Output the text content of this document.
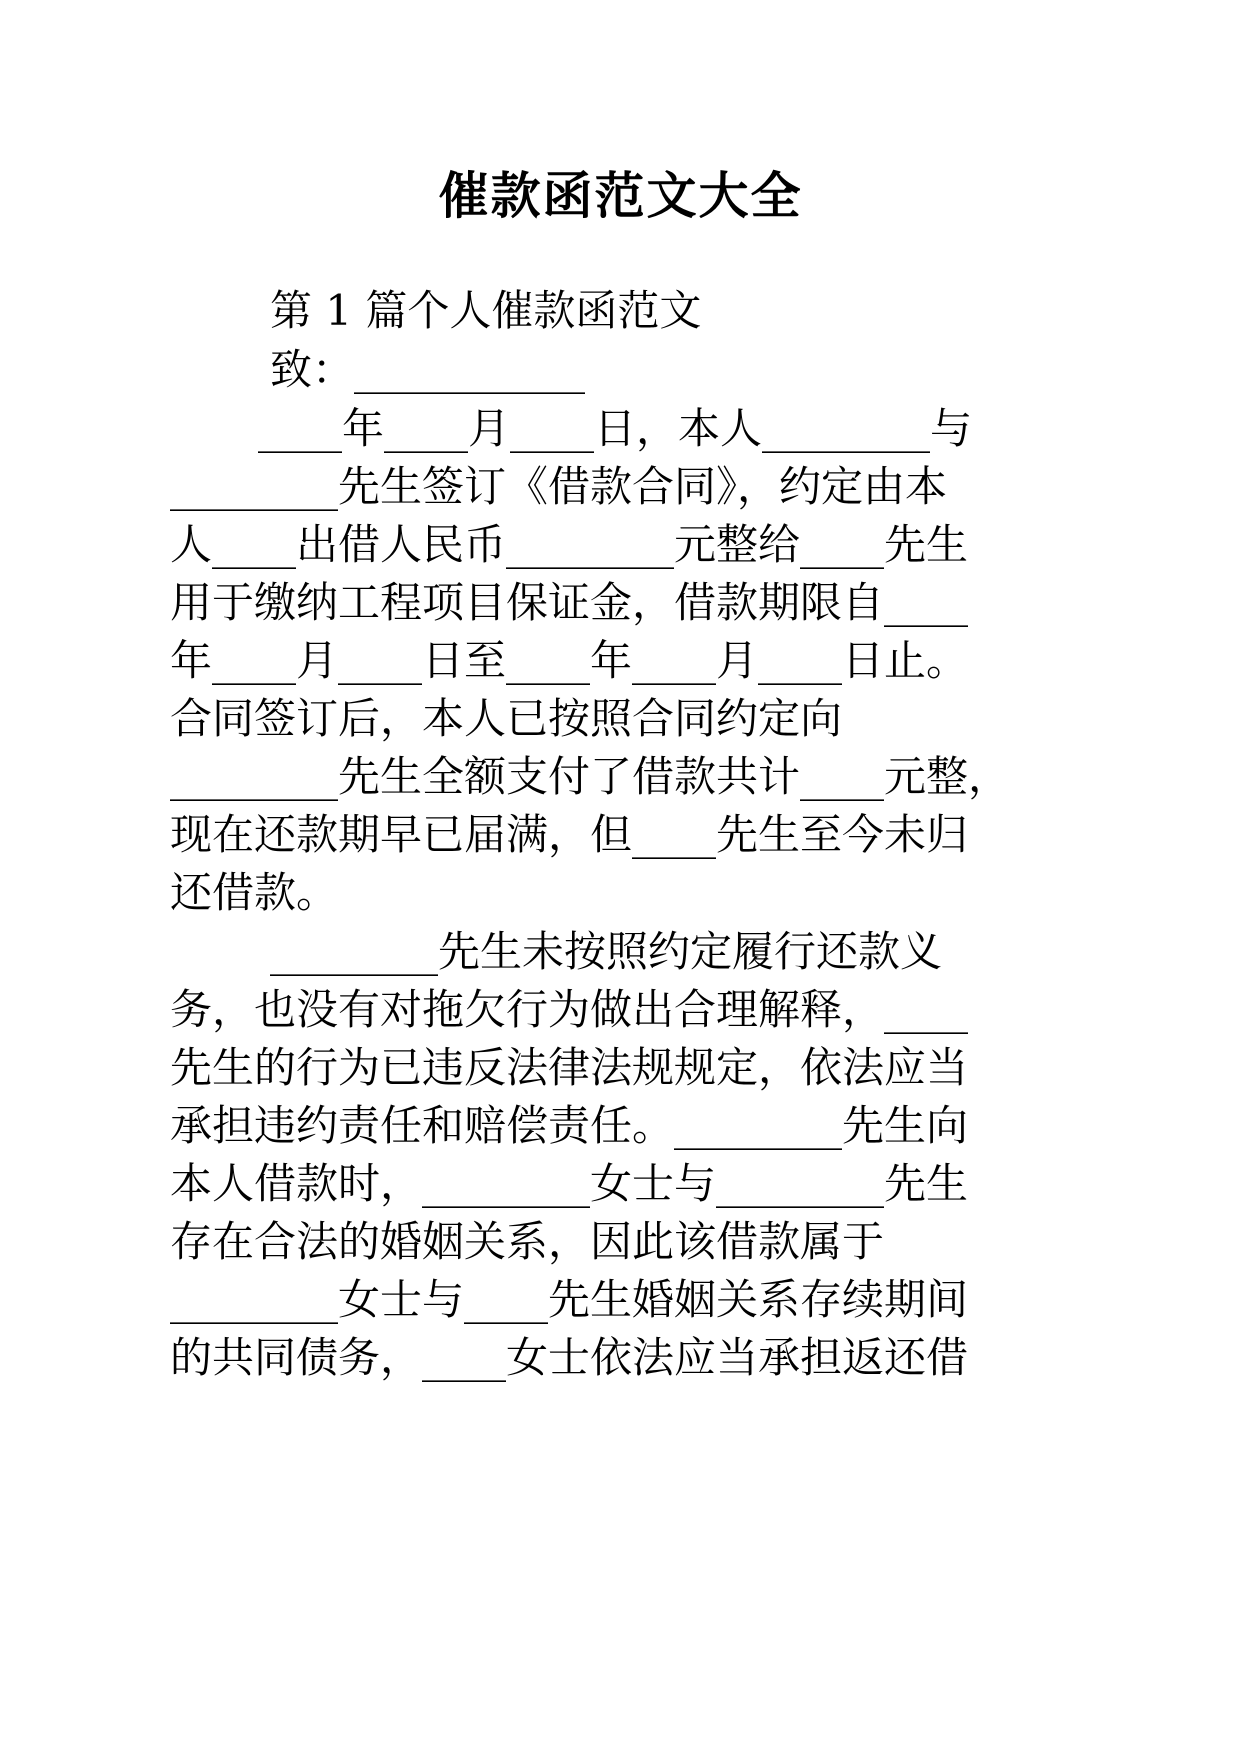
催款函范文大全

第 1 篇个人催款函范文

致：___________

____年____月____日，本人________与

________先生签订《借款合同》，约定由本

人____出借人民币________元整给____先生

用于缴纳工程项目保证金，借款期限自____

年____月____日至____年____月____日止。

合同签订后，本人已按照合同约定向

________先生全额支付了借款共计____元整，

现在还款期早已届满，但____先生至今未归

还借款。

________先生未按照约定履行还款义

务，也没有对拖欠行为做出合理解释，____

先生的行为已违反法律法规规定，依法应当

承担违约责任和赔偿责任。________先生向

本人借款时，________女士与________先生

存在合法的婚姻关系，因此该借款属于

________女士与____先生婚姻关系存续期间

的共同债务，____女士依法应当承担返还借
